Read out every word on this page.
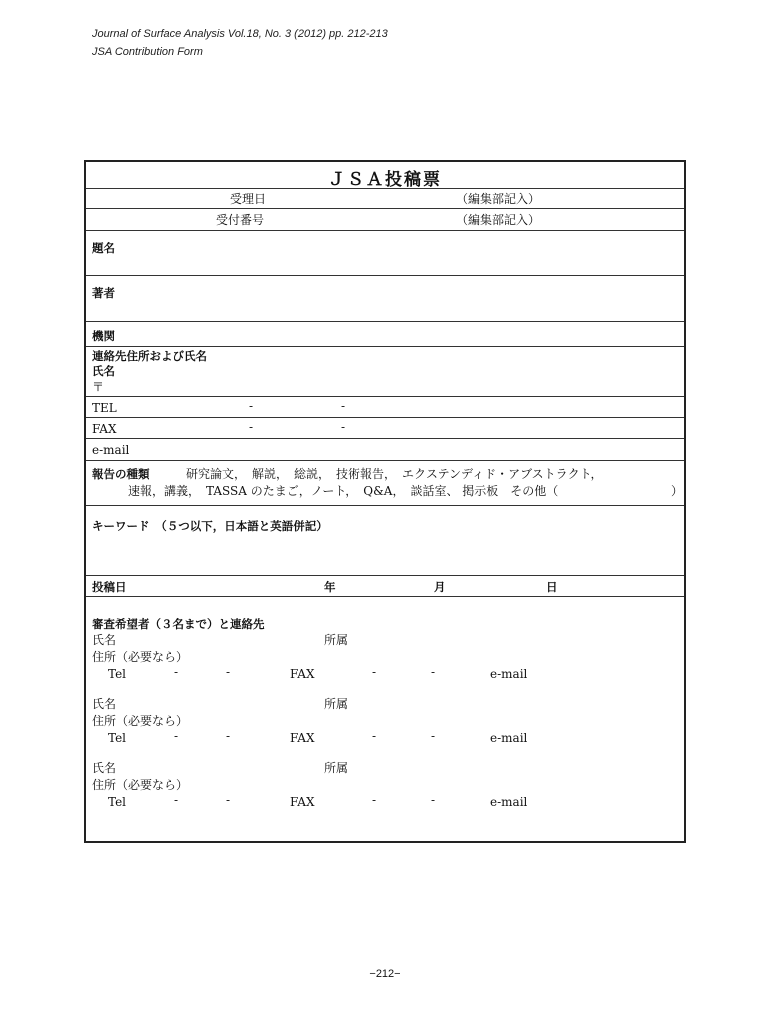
Journal of Surface Analysis Vol.18, No. 3 (2012) pp. 212-213
JSA Contribution Form
ＪＳＡ投稿票
受理日	（編集部記入）
受付番号	（編集部記入）
題名
著者
機関
連絡先住所および氏名
氏名
〒
TEL	-	-
FAX	-	-
e-mail
報告の種類	研究論文，　解説，　総説，　技術報告，　エクステンディド・アブストラクト，
速報，講義，　TASSA のたまご，ノート，　Q&A，　談話室、 掲示板　その他（	）
キーワード　（５つ以下，日本語と英語併記）
投稿日	年	月	日
審査希望者（３名まで）と連絡先
氏名	所属
住所（必要なら）
Tel	-	-	FAX	-	-	e-mail
氏名	所属
住所（必要なら）
Tel	-	-	FAX	-	-	e-mail
氏名	所属
住所（必要なら）
Tel	-	-	FAX	-	-	e-mail
−212−
